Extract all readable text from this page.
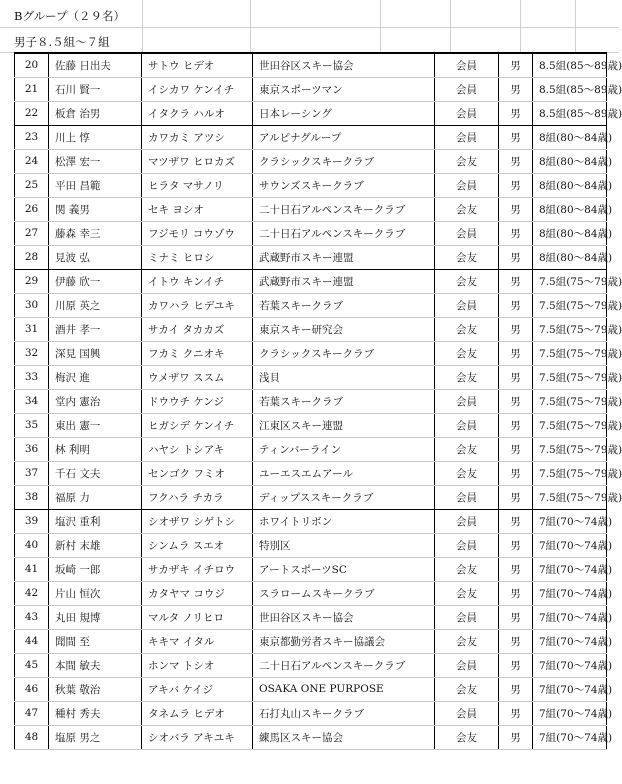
Bグループ（２９名）
男子８.５組〜７組
20	佐藤 日出夫	サトウ ヒデオ	世田谷区スキー協会	会員	男	8.5組(85〜89歳)
21	石川 賢一	イシカワ ケンイチ	東京スポーツマン	会員	男	8.5組(85〜89歳)
22	板倉 治男	イタクラ ハルオ	日本レーシング	会員	男	8.5組(85〜89歳)
23	川上 惇	カワカミ アツシ	アルピナグループ	会員	男	8組(80〜84歳)
24	松澤 宏一	マツザワ ヒロカズ	クラシックスキークラブ	会友	男	8組(80〜84歳)
25	平田 昌範	ヒラタ マサノリ	サウンズスキークラブ	会員	男	8組(80〜84歳)
26	関 義男	セキ ヨシオ	二十日石アルペンスキークラブ	会友	男	8組(80〜84歳)
27	藤森 幸三	フジモリ コウゾウ	二十日石アルペンスキークラブ	会員	男	8組(80〜84歳)
28	見波 弘	ミナミ ヒロシ	武蔵野市スキー連盟	会友	男	8組(80〜84歳)
29	伊藤 欣一	イトウ キンイチ	武蔵野市スキー連盟	会友	男	7.5組(75〜79歳)
30	川原 英之	カワハラ ヒデユキ	若葉スキークラブ	会員	男	7.5組(75〜79歳)
31	酒井 孝一	サカイ タカカズ	東京スキー研究会	会友	男	7.5組(75〜79歳)
32	深見 国興	フカミ クニオキ	クラシックスキークラブ	会友	男	7.5組(75〜79歳)
33	梅沢 進	ウメザワ ススム	浅貝	会友	男	7.5組(75〜79歳)
34	堂内 憲治	ドウウチ ケンジ	若葉スキークラブ	会員	男	7.5組(75〜79歳)
35	東出 憲一	ヒガシデ ケンイチ	江東区スキー連盟	会員	男	7.5組(75〜79歳)
36	林 利明	ハヤシ トシアキ	ティンバーライン	会友	男	7.5組(75〜79歳)
37	千石 文夫	センゴク フミオ	ユーエスエムアール	会友	男	7.5組(75〜79歳)
38	福原 力	フクハラ チカラ	ディップススキークラブ	会員	男	7.5組(75〜79歳)
39	塩沢 重利	シオザワ シゲトシ	ホワイトリボン	会員	男	7組(70〜74歳)
40	新村 末雄	シンムラ スエオ	特別区	会員	男	7組(70〜74歳)
41	坂崎 一郎	サカザキ イチロウ	アートスポーツSC	会友	男	7組(70〜74歳)
42	片山 恒次	カタヤマ コウジ	スラロームスキークラブ	会友	男	7組(70〜74歳)
43	丸田 規博	マルタ ノリヒロ	世田谷区スキー協会	会員	男	7組(70〜74歳)
44	聞間 至	キキマ イタル	東京都勤労者スキー協議会	会友	男	7組(70〜74歳)
45	本間 敏夫	ホンマ トシオ	二十日石アルペンスキークラブ	会員	男	7組(70〜74歳)
46	秋葉 敬治	アキバ ケイジ	OSAKA ONE PURPOSE	会友	男	7組(70〜74歳)
47	種村 秀夫	タネムラ ヒデオ	石打丸山スキークラブ	会員	男	7組(70〜74歳)
48	塩原 男之	シオバラ アキユキ	練馬区スキー協会	会友	男	7組(70〜74歳)
